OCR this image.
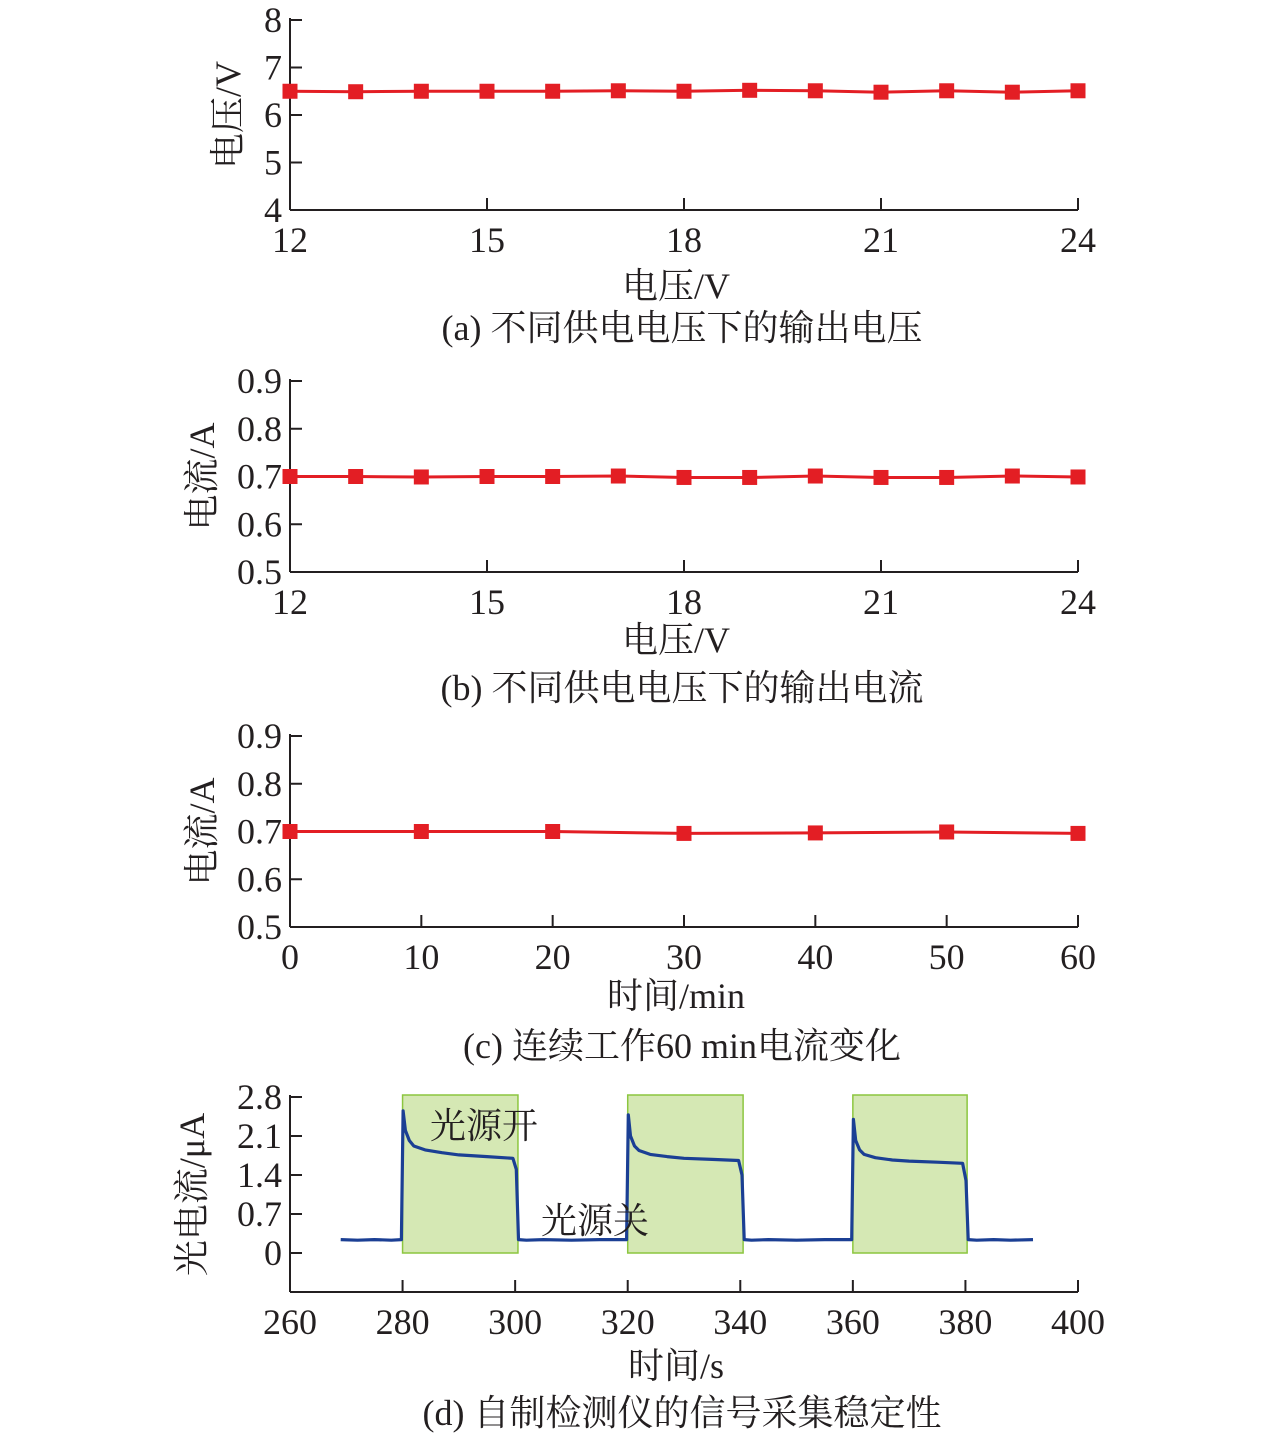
4
5
6
7
8
12	15	18	21	24
电压/V
电压/V
(a) 不同供电电压下的输出电压
0.5
0.6
0.7
0.8
0.9
12	15	18	21	24
电压/V
电流/A
(b) 不同供电电压下的输出电流
0.5
0.6
0.7
0.8
0.9
0	10	20	30	40	50	60
时间/min
电流/A
(c) 连续工作60 min电流变化
0
0.7
1.4
2.1
2.8
260 280 300 320 340 360 380 400
时间/s
光电流/μA
(d) 自制检测仪的信号采集稳定性
光源开
光源关
